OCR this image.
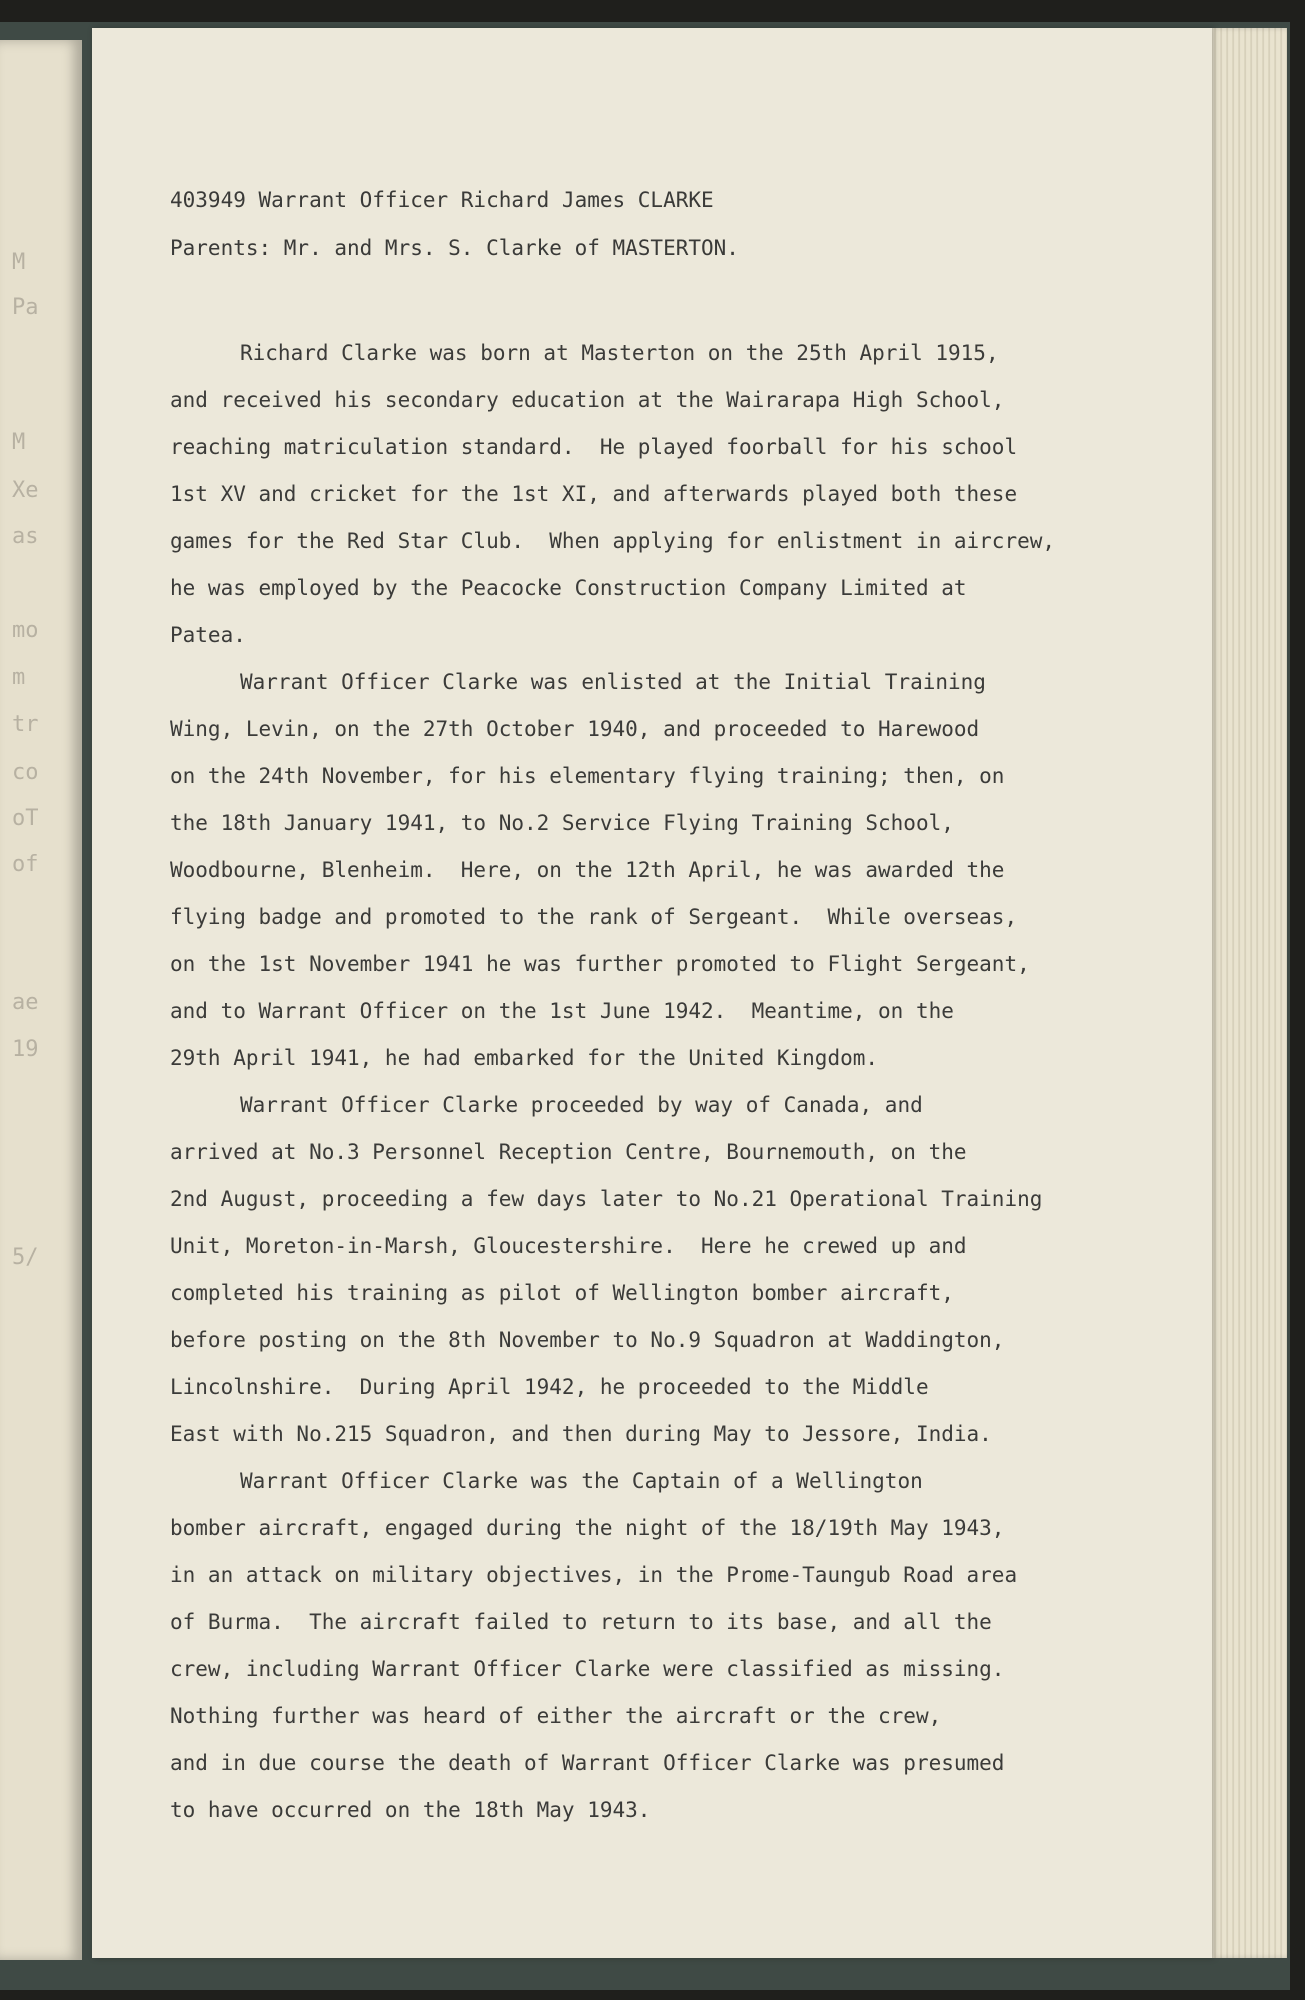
M
Pa
M
Xe
as
mo
m
tr
co
oT
of
ae
19
5/
403949 Warrant Officer Richard James CLARKE
Parents: Mr. and Mrs. S. Clarke of MASTERTON.
Richard Clarke was born at Masterton on the 25th April 1915,
and received his secondary education at the Wairarapa High School,
reaching matriculation standard.  He played foorball for his school
1st XV and cricket for the 1st XI, and afterwards played both these
games for the Red Star Club.  When applying for enlistment in aircrew,
he was employed by the Peacocke Construction Company Limited at
Patea.
Warrant Officer Clarke was enlisted at the Initial Training
Wing, Levin, on the 27th October 1940, and proceeded to Harewood
on the 24th November, for his elementary flying training; then, on
the 18th January 1941, to No.2 Service Flying Training School,
Woodbourne, Blenheim.  Here, on the 12th April, he was awarded the
flying badge and promoted to the rank of Sergeant.  While overseas,
on the 1st November 1941 he was further promoted to Flight Sergeant,
and to Warrant Officer on the 1st June 1942.  Meantime, on the
29th April 1941, he had embarked for the United Kingdom.
Warrant Officer Clarke proceeded by way of Canada, and
arrived at No.3 Personnel Reception Centre, Bournemouth, on the
2nd August, proceeding a few days later to No.21 Operational Training
Unit, Moreton-in-Marsh, Gloucestershire.  Here he crewed up and
completed his training as pilot of Wellington bomber aircraft,
before posting on the 8th November to No.9 Squadron at Waddington,
Lincolnshire.  During April 1942, he proceeded to the Middle
East with No.215 Squadron, and then during May to Jessore, India.
Warrant Officer Clarke was the Captain of a Wellington
bomber aircraft, engaged during the night of the 18/19th May 1943,
in an attack on military objectives, in the Prome-Taungub Road area
of Burma.  The aircraft failed to return to its base, and all the
crew, including Warrant Officer Clarke were classified as missing.
Nothing further was heard of either the aircraft or the crew,
and in due course the death of Warrant Officer Clarke was presumed
to have occurred on the 18th May 1943.
